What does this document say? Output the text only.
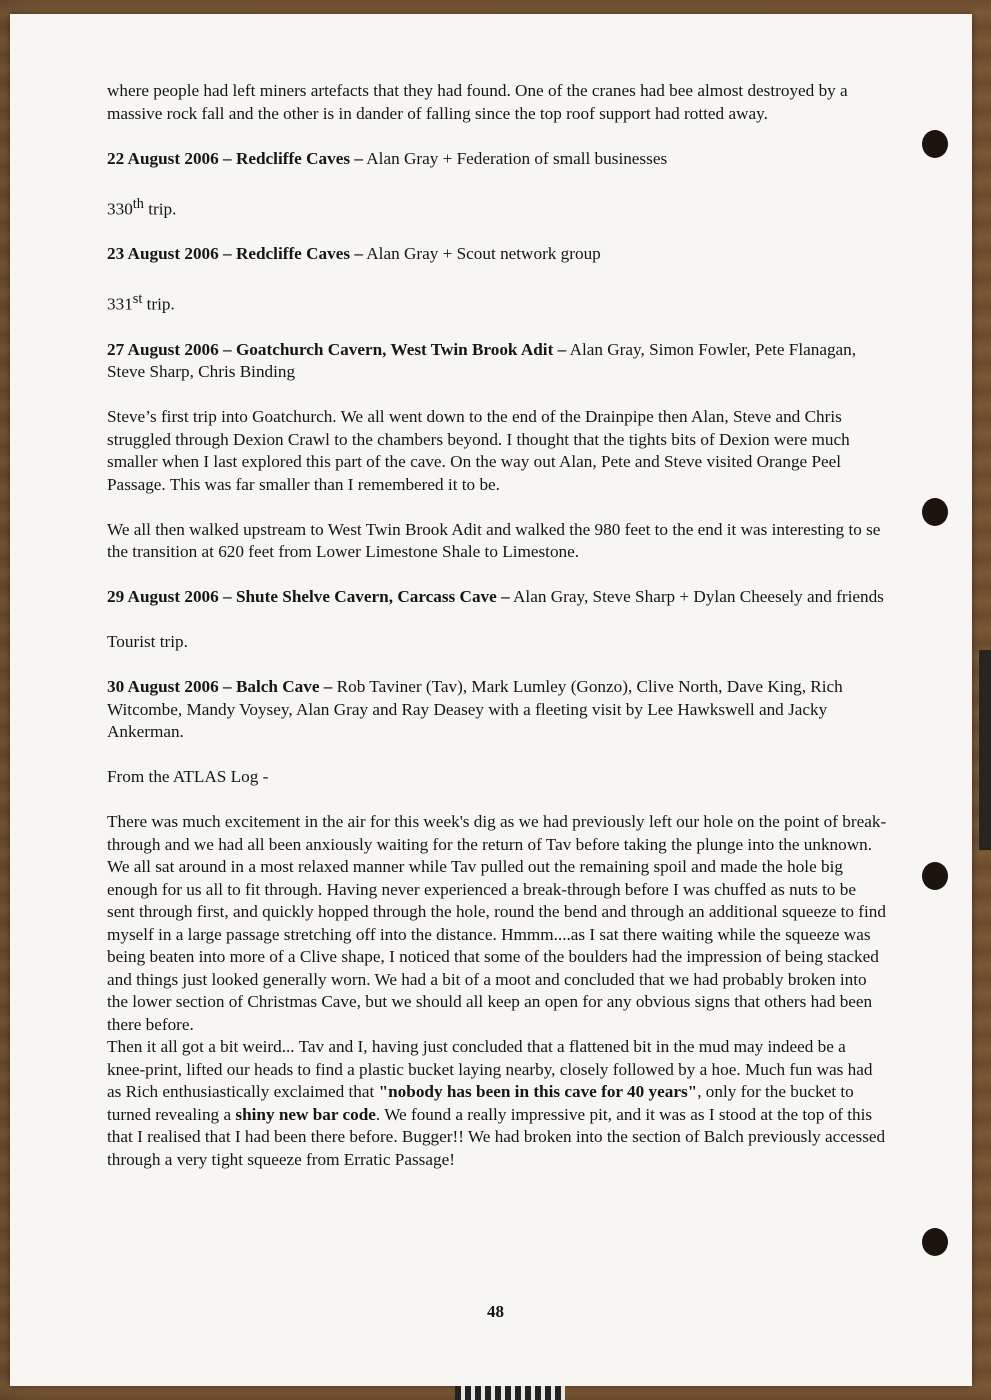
where people had left miners artefacts that they had found. One of the cranes had bee almost destroyed by a massive rock fall and the other is in dander of falling since the top roof support had rotted away.

22 August 2006 – Redcliffe Caves – Alan Gray + Federation of small businesses

330th trip.

23 August 2006 – Redcliffe Caves – Alan Gray + Scout network group

331st trip.

27 August 2006 – Goatchurch Cavern, West Twin Brook Adit – Alan Gray, Simon Fowler, Pete Flanagan, Steve Sharp, Chris Binding

Steve’s first trip into Goatchurch. We all went down to the end of the Drainpipe then Alan, Steve and Chris struggled through Dexion Crawl to the chambers beyond. I thought that the tights bits of Dexion were much smaller when I last explored this part of the cave. On the way out Alan, Pete and Steve visited Orange Peel Passage. This was far smaller than I remembered it to be.

We all then walked upstream to West Twin Brook Adit and walked the 980 feet to the end it was interesting to se the transition at 620 feet from Lower Limestone Shale to Limestone.

29 August 2006 – Shute Shelve Cavern, Carcass Cave – Alan Gray, Steve Sharp + Dylan Cheesely and friends

Tourist trip.

30 August 2006 – Balch Cave – Rob Taviner (Tav), Mark Lumley (Gonzo), Clive North, Dave King, Rich Witcombe, Mandy Voysey, Alan Gray and Ray Deasey with a fleeting visit by Lee Hawkswell and Jacky Ankerman.

From the ATLAS Log -

There was much excitement in the air for this week's dig as we had previously left our hole on the point of break-through and we had all been anxiously waiting for the return of Tav before taking the plunge into the unknown.

We all sat around in a most relaxed manner while Tav pulled out the remaining spoil and made the hole big enough for us all to fit through. Having never experienced a break-through before I was chuffed as nuts to be sent through first, and quickly hopped through the hole, round the bend and through an additional squeeze to find myself in a large passage stretching off into the distance. Hmmm....as I sat there waiting while the squeeze was being beaten into more of a Clive shape, I noticed that some of the boulders had the impression of being stacked and things just looked generally worn. We had a bit of a moot and concluded that we had probably broken into the lower section of Christmas Cave, but we should all keep an open for any obvious signs that others had been there before.

Then it all got a bit weird... Tav and I, having just concluded that a flattened bit in the mud may indeed be a knee-print, lifted our heads to find a plastic bucket laying nearby, closely followed by a hoe. Much fun was had as Rich enthusiastically exclaimed that "nobody has been in this cave for 40 years", only for the bucket to turned revealing a shiny new bar code. We found a really impressive pit, and it was as I stood at the top of this that I realised that I had been there before. Bugger!! We had broken into the section of Balch previously accessed through a very tight squeeze from Erratic Passage!

48
